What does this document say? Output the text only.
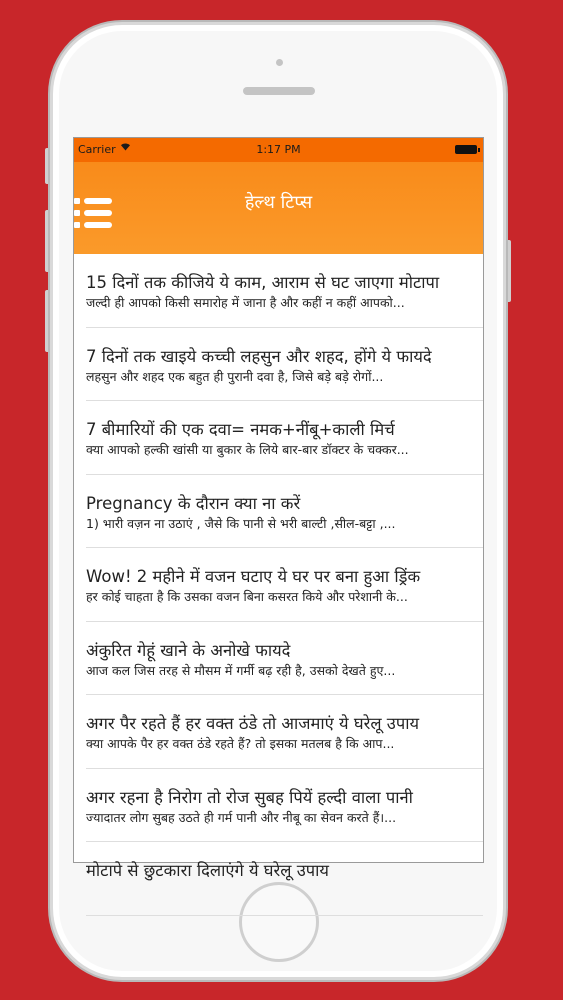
Carrier	1:17 PM
हेल्थ टिप्स
15 दिनों तक कीजिये ये काम, आराम से घट जाएगा मोटापा
जल्दी ही आपको किसी समारोह में जाना है और कहीं न कहीं आपको...
7 दिनों तक खाइये कच्ची लहसुन और शहद, होंगे ये फायदे
लहसुन और शहद एक बहुत ही पुरानी दवा है, जिसे बडे़ बडे़ रोगों...
7 बीमारियों की एक दवा= नमक+नींबू+काली मिर्च
क्या आपको हल्की खांसी या बुकार के लिये बार-बार डॉक्टर के चक्कर...
Pregnancy के दौरान क्या ना करें
1) भारी वज़न ना उठाएं , जैसे कि पानी से भरी बाल्टी ,सील-बट्टा ,...
Wow! 2 महीने में वजन घटाए ये घर पर बना हुआ ड्रिंक
हर कोई चाहता है कि उसका वजन बिना कसरत किये और परेशानी के...
अंकुरित गेहूं खाने के अनोखे फायदे
आज कल जिस तरह से मौसम में गर्मी बढ़ रही है, उसको देखते हुए...
अगर पैर रहते हैं हर वक्त ठंडे तो आजमाएं ये घरेलू उपाय
क्या आपके पैर हर वक्त ठंडे रहते हैं? तो इसका मतलब है कि आप...
अगर रहना है निरोग तो रोज सुबह पियें हल्दी वाला पानी
ज्यादातर लोग सुबह उठते ही गर्म पानी और नीबू का सेवन करते हैं।...
मोटापे से छुटकारा दिलाएंगे ये घरेलू उपाय
